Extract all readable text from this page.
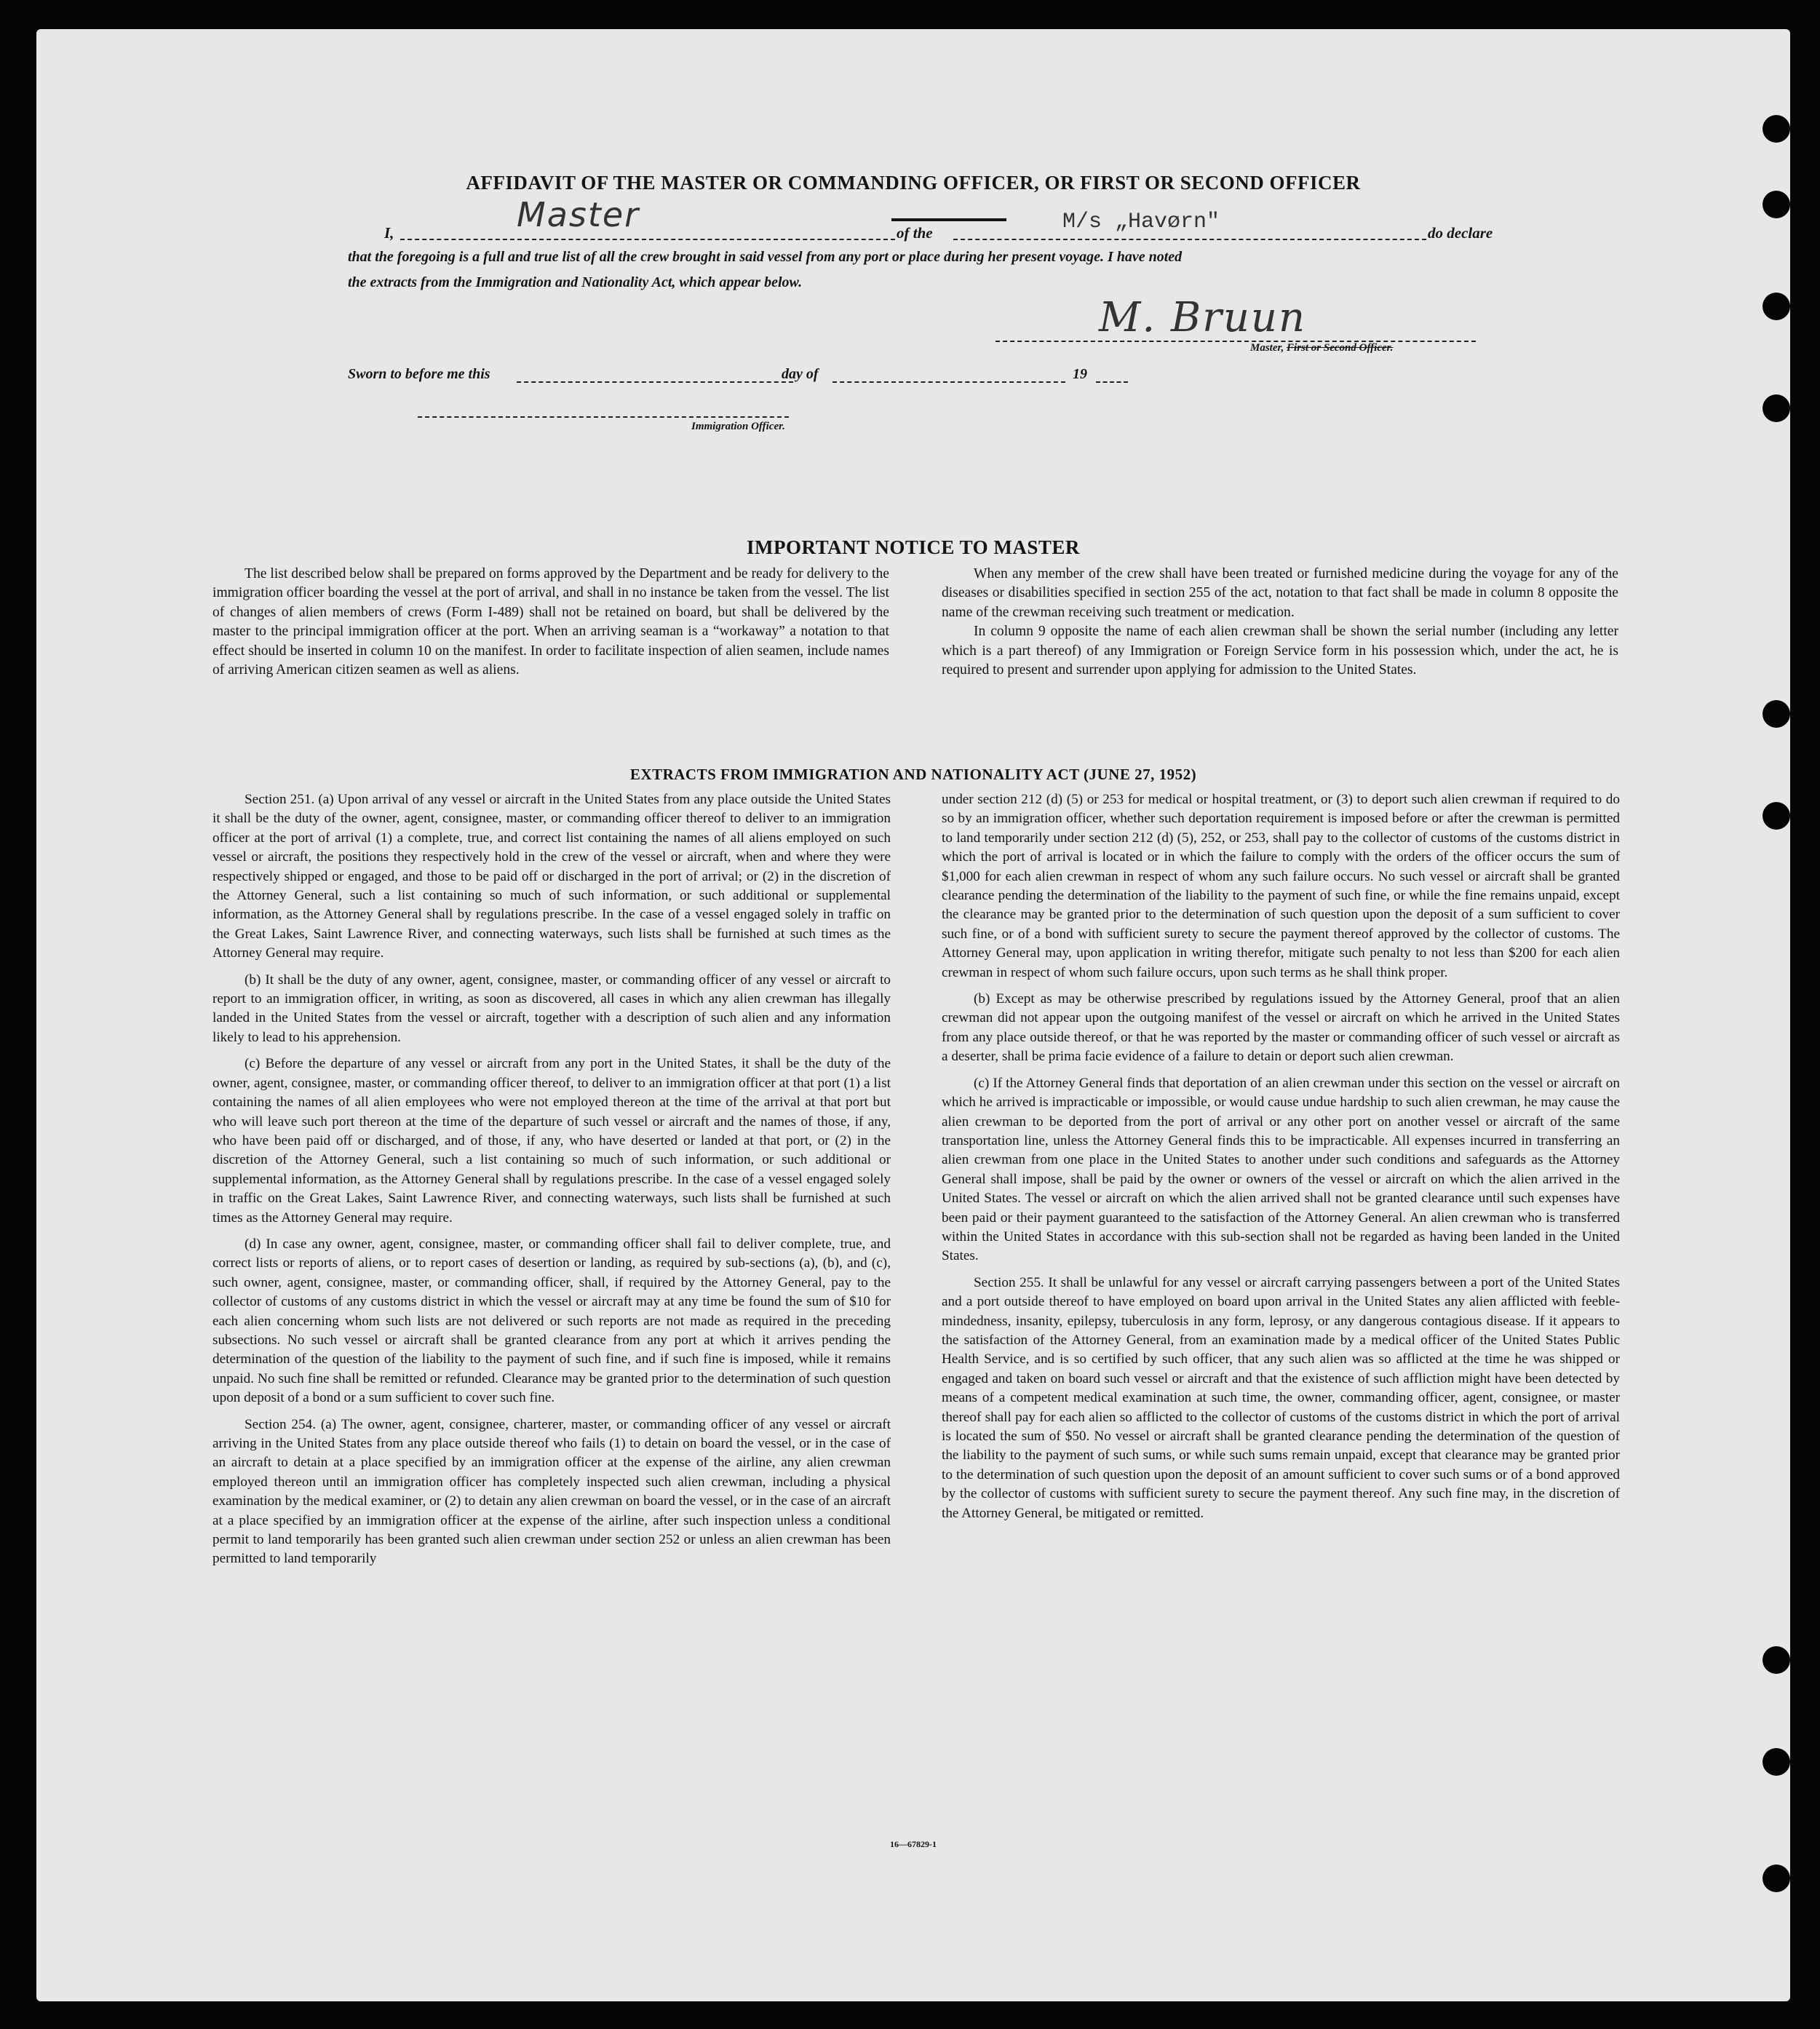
AFFIDAVIT OF THE MASTER OR COMMANDING OFFICER, OR FIRST OR SECOND OFFICER
I,	Master	of the	M/s „Havørn"	do declare
that the foregoing is a full and true list of all the crew brought in said vessel from any port or place during her present voyage. I have noted
the extracts from the Immigration and Nationality Act, which appear below.
M. Bruun
Master, First or Second Officer.
Sworn to before me this	day of	19
Immigration Officer.
IMPORTANT NOTICE TO MASTER

The list described below shall be prepared on forms approved by the Department and be ready for delivery to the immigration officer boarding the vessel at the port of arrival, and shall in no instance be taken from the vessel. The list of changes of alien members of crews (Form I-489) shall not be retained on board, but shall be delivered by the master to the principal immigration officer at the port. When an arriving seaman is a “workaway” a notation to that effect should be inserted in column 10 on the manifest. In order to facilitate inspection of alien seamen, include names of arriving American citizen seamen as well as aliens.

When any member of the crew shall have been treated or furnished medicine during the voyage for any of the diseases or disabilities specified in section 255 of the act, notation to that fact shall be made in column 8 opposite the name of the crewman receiving such treatment or medication.

In column 9 opposite the name of each alien crewman shall be shown the serial number (including any letter which is a part thereof) of any Immigration or Foreign Service form in his possession which, under the act, he is required to present and surrender upon applying for admission to the United States.

EXTRACTS FROM IMMIGRATION AND NATIONALITY ACT (JUNE 27, 1952)

Section 251. (a) Upon arrival of any vessel or aircraft in the United States from any place outside the United States it shall be the duty of the owner, agent, consignee, master, or commanding officer thereof to deliver to an immigration officer at the port of arrival (1) a complete, true, and correct list containing the names of all aliens employed on such vessel or aircraft, the positions they respectively hold in the crew of the vessel or aircraft, when and where they were respectively shipped or engaged, and those to be paid off or discharged in the port of arrival; or (2) in the discretion of the Attorney General, such a list containing so much of such information, or such additional or supplemental information, as the Attorney General shall by regulations prescribe. In the case of a vessel engaged solely in traffic on the Great Lakes, Saint Lawrence River, and connecting waterways, such lists shall be furnished at such times as the Attorney General may require.

(b) It shall be the duty of any owner, agent, consignee, master, or commanding officer of any vessel or aircraft to report to an immigration officer, in writing, as soon as discovered, all cases in which any alien crewman has illegally landed in the United States from the vessel or aircraft, together with a description of such alien and any information likely to lead to his apprehension.

(c) Before the departure of any vessel or aircraft from any port in the United States, it shall be the duty of the owner, agent, consignee, master, or commanding officer thereof, to deliver to an immigration officer at that port (1) a list containing the names of all alien employees who were not employed thereon at the time of the arrival at that port but who will leave such port thereon at the time of the departure of such vessel or aircraft and the names of those, if any, who have been paid off or discharged, and of those, if any, who have deserted or landed at that port, or (2) in the discretion of the Attorney General, such a list containing so much of such information, or such additional or supplemental information, as the Attorney General shall by regulations prescribe. In the case of a vessel engaged solely in traffic on the Great Lakes, Saint Lawrence River, and connecting waterways, such lists shall be furnished at such times as the Attorney General may require.

(d) In case any owner, agent, consignee, master, or commanding officer shall fail to deliver complete, true, and correct lists or reports of aliens, or to report cases of desertion or landing, as required by sub-sections (a), (b), and (c), such owner, agent, consignee, master, or commanding officer, shall, if required by the Attorney General, pay to the collector of customs of any customs district in which the vessel or aircraft may at any time be found the sum of $10 for each alien concerning whom such lists are not delivered or such reports are not made as required in the preceding subsections. No such vessel or aircraft shall be granted clearance from any port at which it arrives pending the determination of the question of the liability to the payment of such fine, and if such fine is imposed, while it remains unpaid. No such fine shall be remitted or refunded. Clearance may be granted prior to the determination of such question upon deposit of a bond or a sum sufficient to cover such fine.

Section 254. (a) The owner, agent, consignee, charterer, master, or commanding officer of any vessel or aircraft arriving in the United States from any place outside thereof who fails (1) to detain on board the vessel, or in the case of an aircraft to detain at a place specified by an immigration officer at the expense of the airline, any alien crewman employed thereon until an immigration officer has completely inspected such alien crewman, including a physical examination by the medical examiner, or (2) to detain any alien crewman on board the vessel, or in the case of an aircraft at a place specified by an immigration officer at the expense of the airline, after such inspection unless a conditional permit to land temporarily has been granted such alien crewman under section 252 or unless an alien crewman has been permitted to land temporarily

under section 212 (d) (5) or 253 for medical or hospital treatment, or (3) to deport such alien crewman if required to do so by an immigration officer, whether such deportation requirement is imposed before or after the crewman is permitted to land temporarily under section 212 (d) (5), 252, or 253, shall pay to the collector of customs of the customs district in which the port of arrival is located or in which the failure to comply with the orders of the officer occurs the sum of $1,000 for each alien crewman in respect of whom any such failure occurs. No such vessel or aircraft shall be granted clearance pending the determination of the liability to the payment of such fine, or while the fine remains unpaid, except the clearance may be granted prior to the determination of such question upon the deposit of a sum sufficient to cover such fine, or of a bond with sufficient surety to secure the payment thereof approved by the collector of customs. The Attorney General may, upon application in writing therefor, mitigate such penalty to not less than $200 for each alien crewman in respect of whom such failure occurs, upon such terms as he shall think proper.

(b) Except as may be otherwise prescribed by regulations issued by the Attorney General, proof that an alien crewman did not appear upon the outgoing manifest of the vessel or aircraft on which he arrived in the United States from any place outside thereof, or that he was reported by the master or commanding officer of such vessel or aircraft as a deserter, shall be prima facie evidence of a failure to detain or deport such alien crewman.

(c) If the Attorney General finds that deportation of an alien crewman under this section on the vessel or aircraft on which he arrived is impracticable or impossible, or would cause undue hardship to such alien crewman, he may cause the alien crewman to be deported from the port of arrival or any other port on another vessel or aircraft of the same transportation line, unless the Attorney General finds this to be impracticable. All expenses incurred in transferring an alien crewman from one place in the United States to another under such conditions and safeguards as the Attorney General shall impose, shall be paid by the owner or owners of the vessel or aircraft on which the alien arrived in the United States. The vessel or aircraft on which the alien arrived shall not be granted clearance until such expenses have been paid or their payment guaranteed to the satisfaction of the Attorney General. An alien crewman who is transferred within the United States in accordance with this sub-section shall not be regarded as having been landed in the United States.

Section 255. It shall be unlawful for any vessel or aircraft carrying passengers between a port of the United States and a port outside thereof to have employed on board upon arrival in the United States any alien afflicted with feeble-mindedness, insanity, epilepsy, tuberculosis in any form, leprosy, or any dangerous contagious disease. If it appears to the satisfaction of the Attorney General, from an examination made by a medical officer of the United States Public Health Service, and is so certified by such officer, that any such alien was so afflicted at the time he was shipped or engaged and taken on board such vessel or aircraft and that the existence of such affliction might have been detected by means of a competent medical examination at such time, the owner, commanding officer, agent, consignee, or master thereof shall pay for each alien so afflicted to the collector of customs of the customs district in which the port of arrival is located the sum of $50. No vessel or aircraft shall be granted clearance pending the determination of the question of the liability to the payment of such sums, or while such sums remain unpaid, except that clearance may be granted prior to the determination of such question upon the deposit of an amount sufficient to cover such sums or of a bond approved by the collector of customs with sufficient surety to secure the payment thereof. Any such fine may, in the discretion of the Attorney General, be mitigated or remitted.

16—67829-1
